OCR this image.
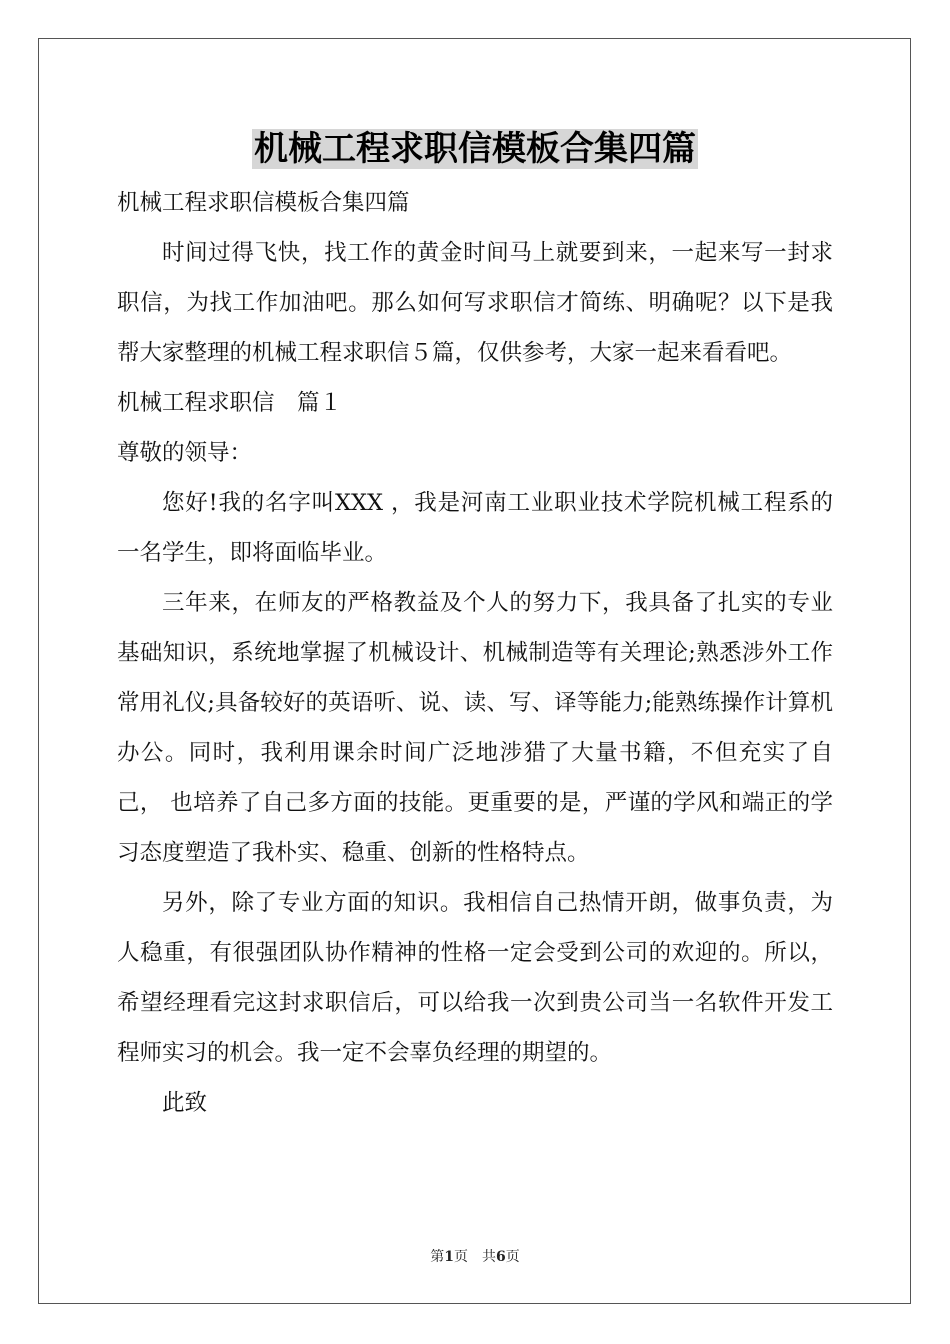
机械工程求职信模板合集四篇

机械工程求职信模板合集四篇

时间过得飞快，找工作的黄金时间马上就要到来，一起来写一封求职信，为找工作加油吧。那么如何写求职信才简练、明确呢？以下是我帮大家整理的机械工程求职信５篇，仅供参考，大家一起来看看吧。

机械工程求职信　篇１

尊敬的领导：

您好!我的名字叫XXX ，我是河南工业职业技术学院机械工程系的一名学生，即将面临毕业。

三年来，在师友的严格教益及个人的努力下，我具备了扎实的专业基础知识，系统地掌握了机械设计、机械制造等有关理论;熟悉涉外工作常用礼仪;具备较好的英语听、说、读、写、译等能力;能熟练操作计算机办公。同时，我利用课余时间广泛地涉猎了大量书籍，不但充实了自己， 也培养了自己多方面的技能。更重要的是，严谨的学风和端正的学习态度塑造了我朴实、稳重、创新的性格特点。

另外，除了专业方面的知识。我相信自己热情开朗，做事负责，为人稳重，有很强团队协作精神的性格一定会受到公司的欢迎的。所以，希望经理看完这封求职信后，可以给我一次到贵公司当一名软件开发工程师实习的机会。我一定不会辜负经理的期望的。

此致

第1页　共6页
